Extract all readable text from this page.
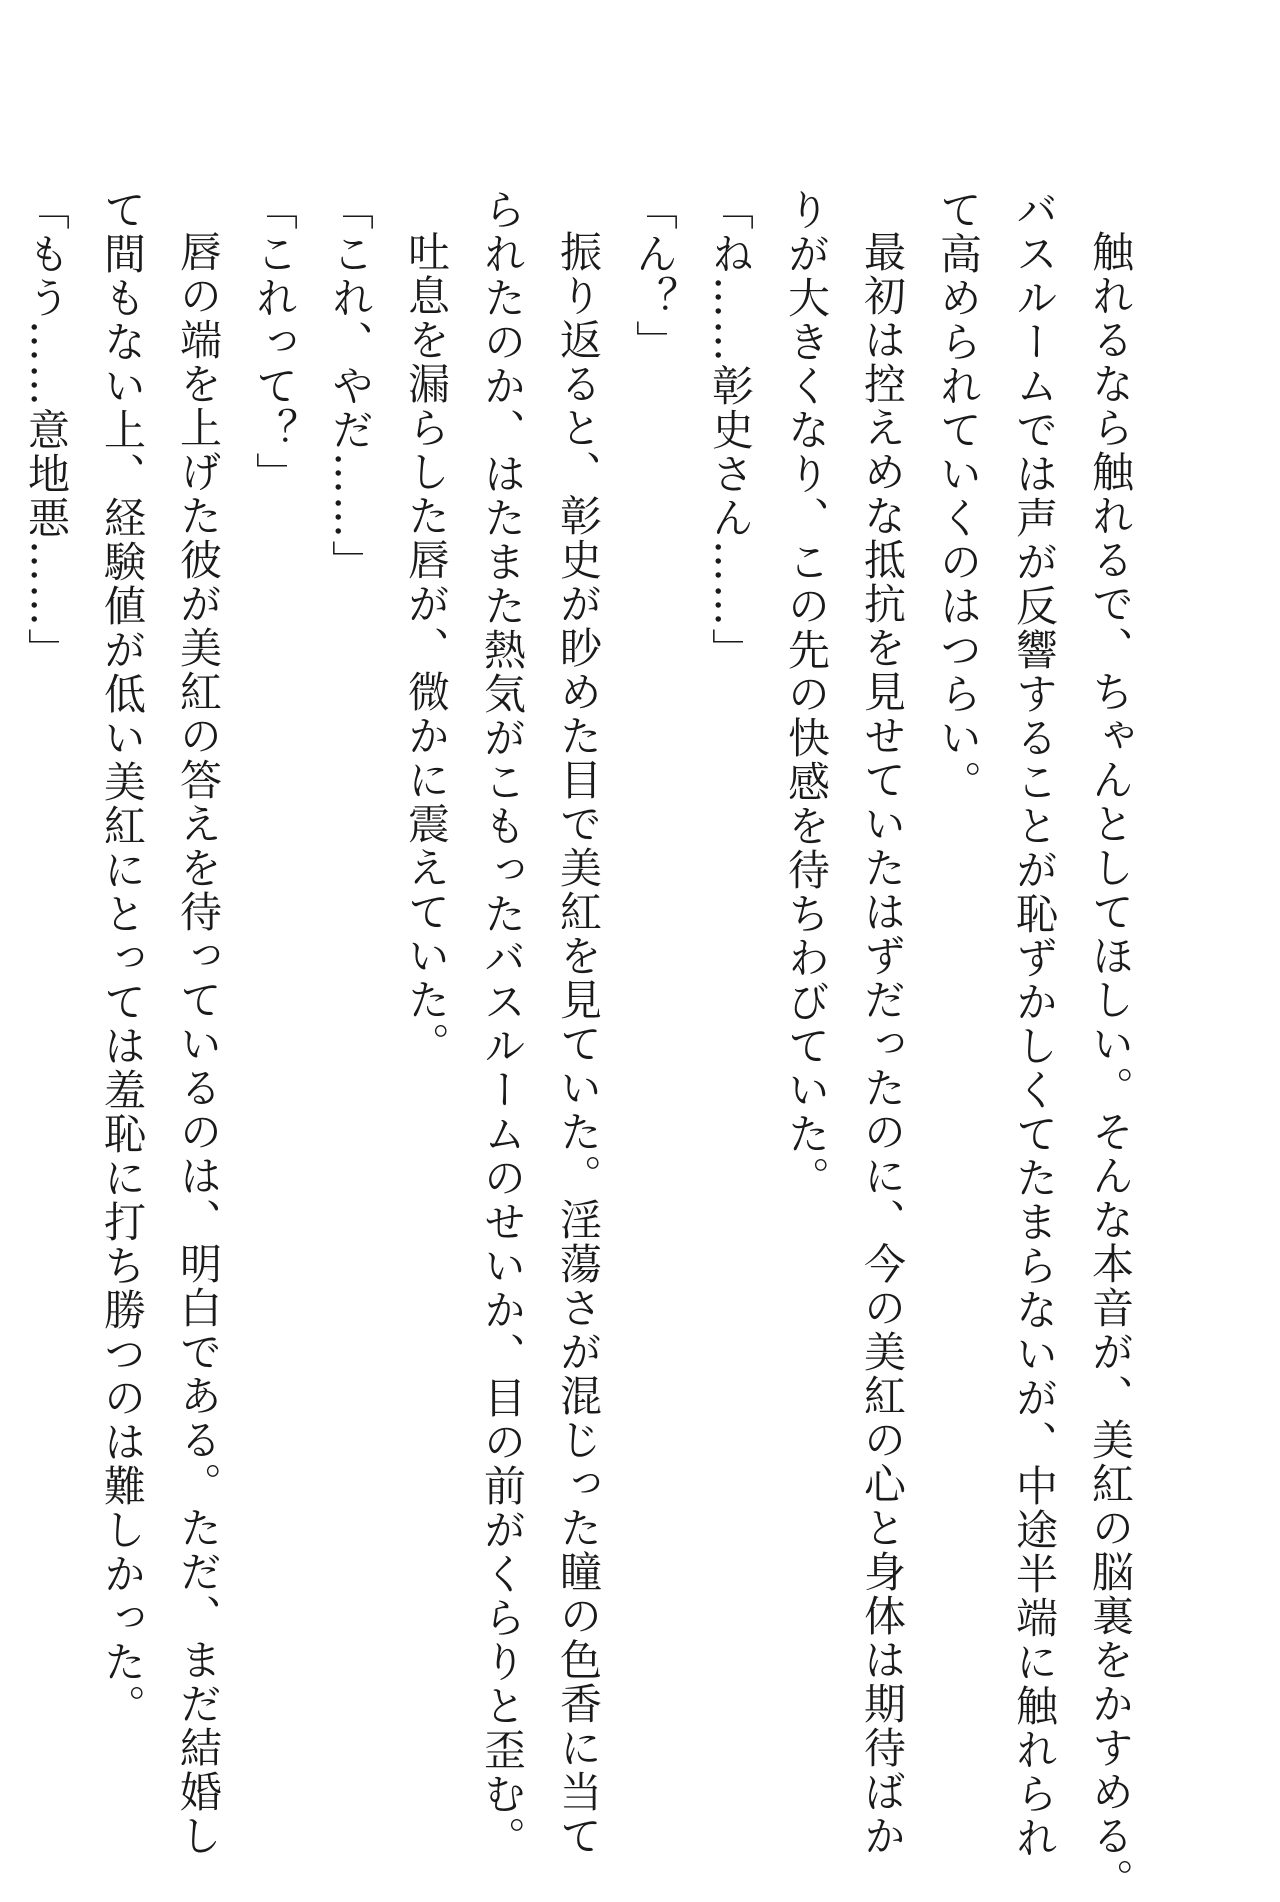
触れるなら触れるで、ちゃんとしてほしい。そんな本音が、美紅の脳裏をかすめる。
バスルームでは声が反響することが恥ずかしくてたまらないが、中途半端に触れられ
て高められていくのはつらい。
最初は控えめな抵抗を見せていたはずだったのに、今の美紅の心と身体は期待ばか
りが大きくなり、この先の快感を待ちわびていた。
「ね……彰史さん……」
「ん？」
振り返ると、彰史が眇めた目で美紅を見ていた。淫蕩さが混じった瞳の色香に当て
られたのか、はたまた熱気がこもったバスルームのせいか、目の前がくらりと歪む。
吐息を漏らした唇が、微かに震えていた。
「これ、やだ……」
「これって？」
唇の端を上げた彼が美紅の答えを待っているのは、明白である。ただ、まだ結婚し
て間もない上、経験値が低い美紅にとっては羞恥に打ち勝つのは難しかった。
「もう……意地悪……」
